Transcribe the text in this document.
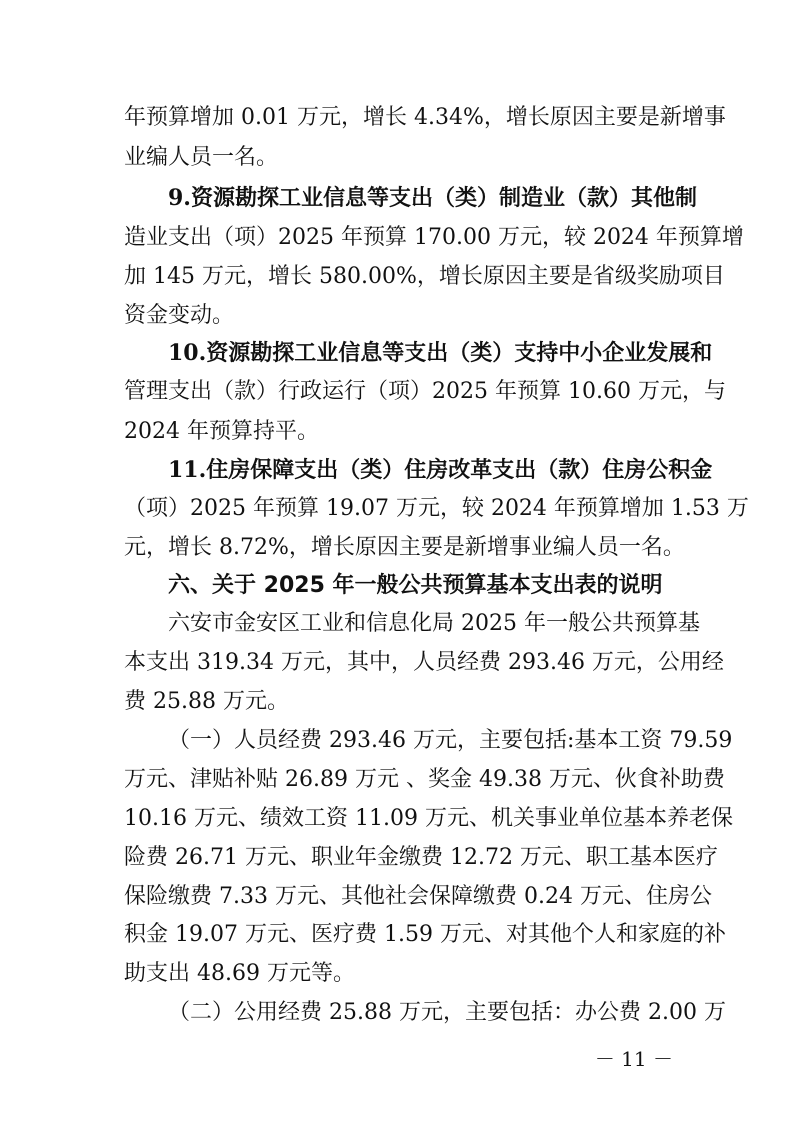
年预算增加 0.01 万元，增长 4.34%，增长原因主要是新增事
业编人员一名。
9.资源勘探工业信息等支出（类）制造业（款）其他制
造业支出（项）2025 年预算 170.00 万元，较 2024 年预算增
加 145 万元，增长 580.00%，增长原因主要是省级奖励项目
资金变动。
10.资源勘探工业信息等支出（类）支持中小企业发展和
管理支出（款）行政运行（项）2025 年预算 10.60 万元，与
2024 年预算持平。
11.住房保障支出（类）住房改革支出（款）住房公积金
（项）2025 年预算 19.07 万元，较 2024 年预算增加 1.53 万
元，增长 8.72%，增长原因主要是新增事业编人员一名。
六、关于 2025 年一般公共预算基本支出表的说明
六安市金安区工业和信息化局 2025 年一般公共预算基
本支出 319.34 万元，其中，人员经费 293.46 万元，公用经
费 25.88 万元。
（一）人员经费 293.46 万元，主要包括:基本工资 79.59
万元、津贴补贴 26.89 万元 、奖金 49.38 万元、伙食补助费
10.16 万元、绩效工资 11.09 万元、机关事业单位基本养老保
险费 26.71 万元、职业年金缴费 12.72 万元、职工基本医疗
保险缴费 7.33 万元、其他社会保障缴费 0.24 万元、住房公
积金 19.07 万元、医疗费 1.59 万元、对其他个人和家庭的补
助支出 48.69 万元等。
（二）公用经费 25.88 万元，主要包括：办公费 2.00 万
－ 11 －
